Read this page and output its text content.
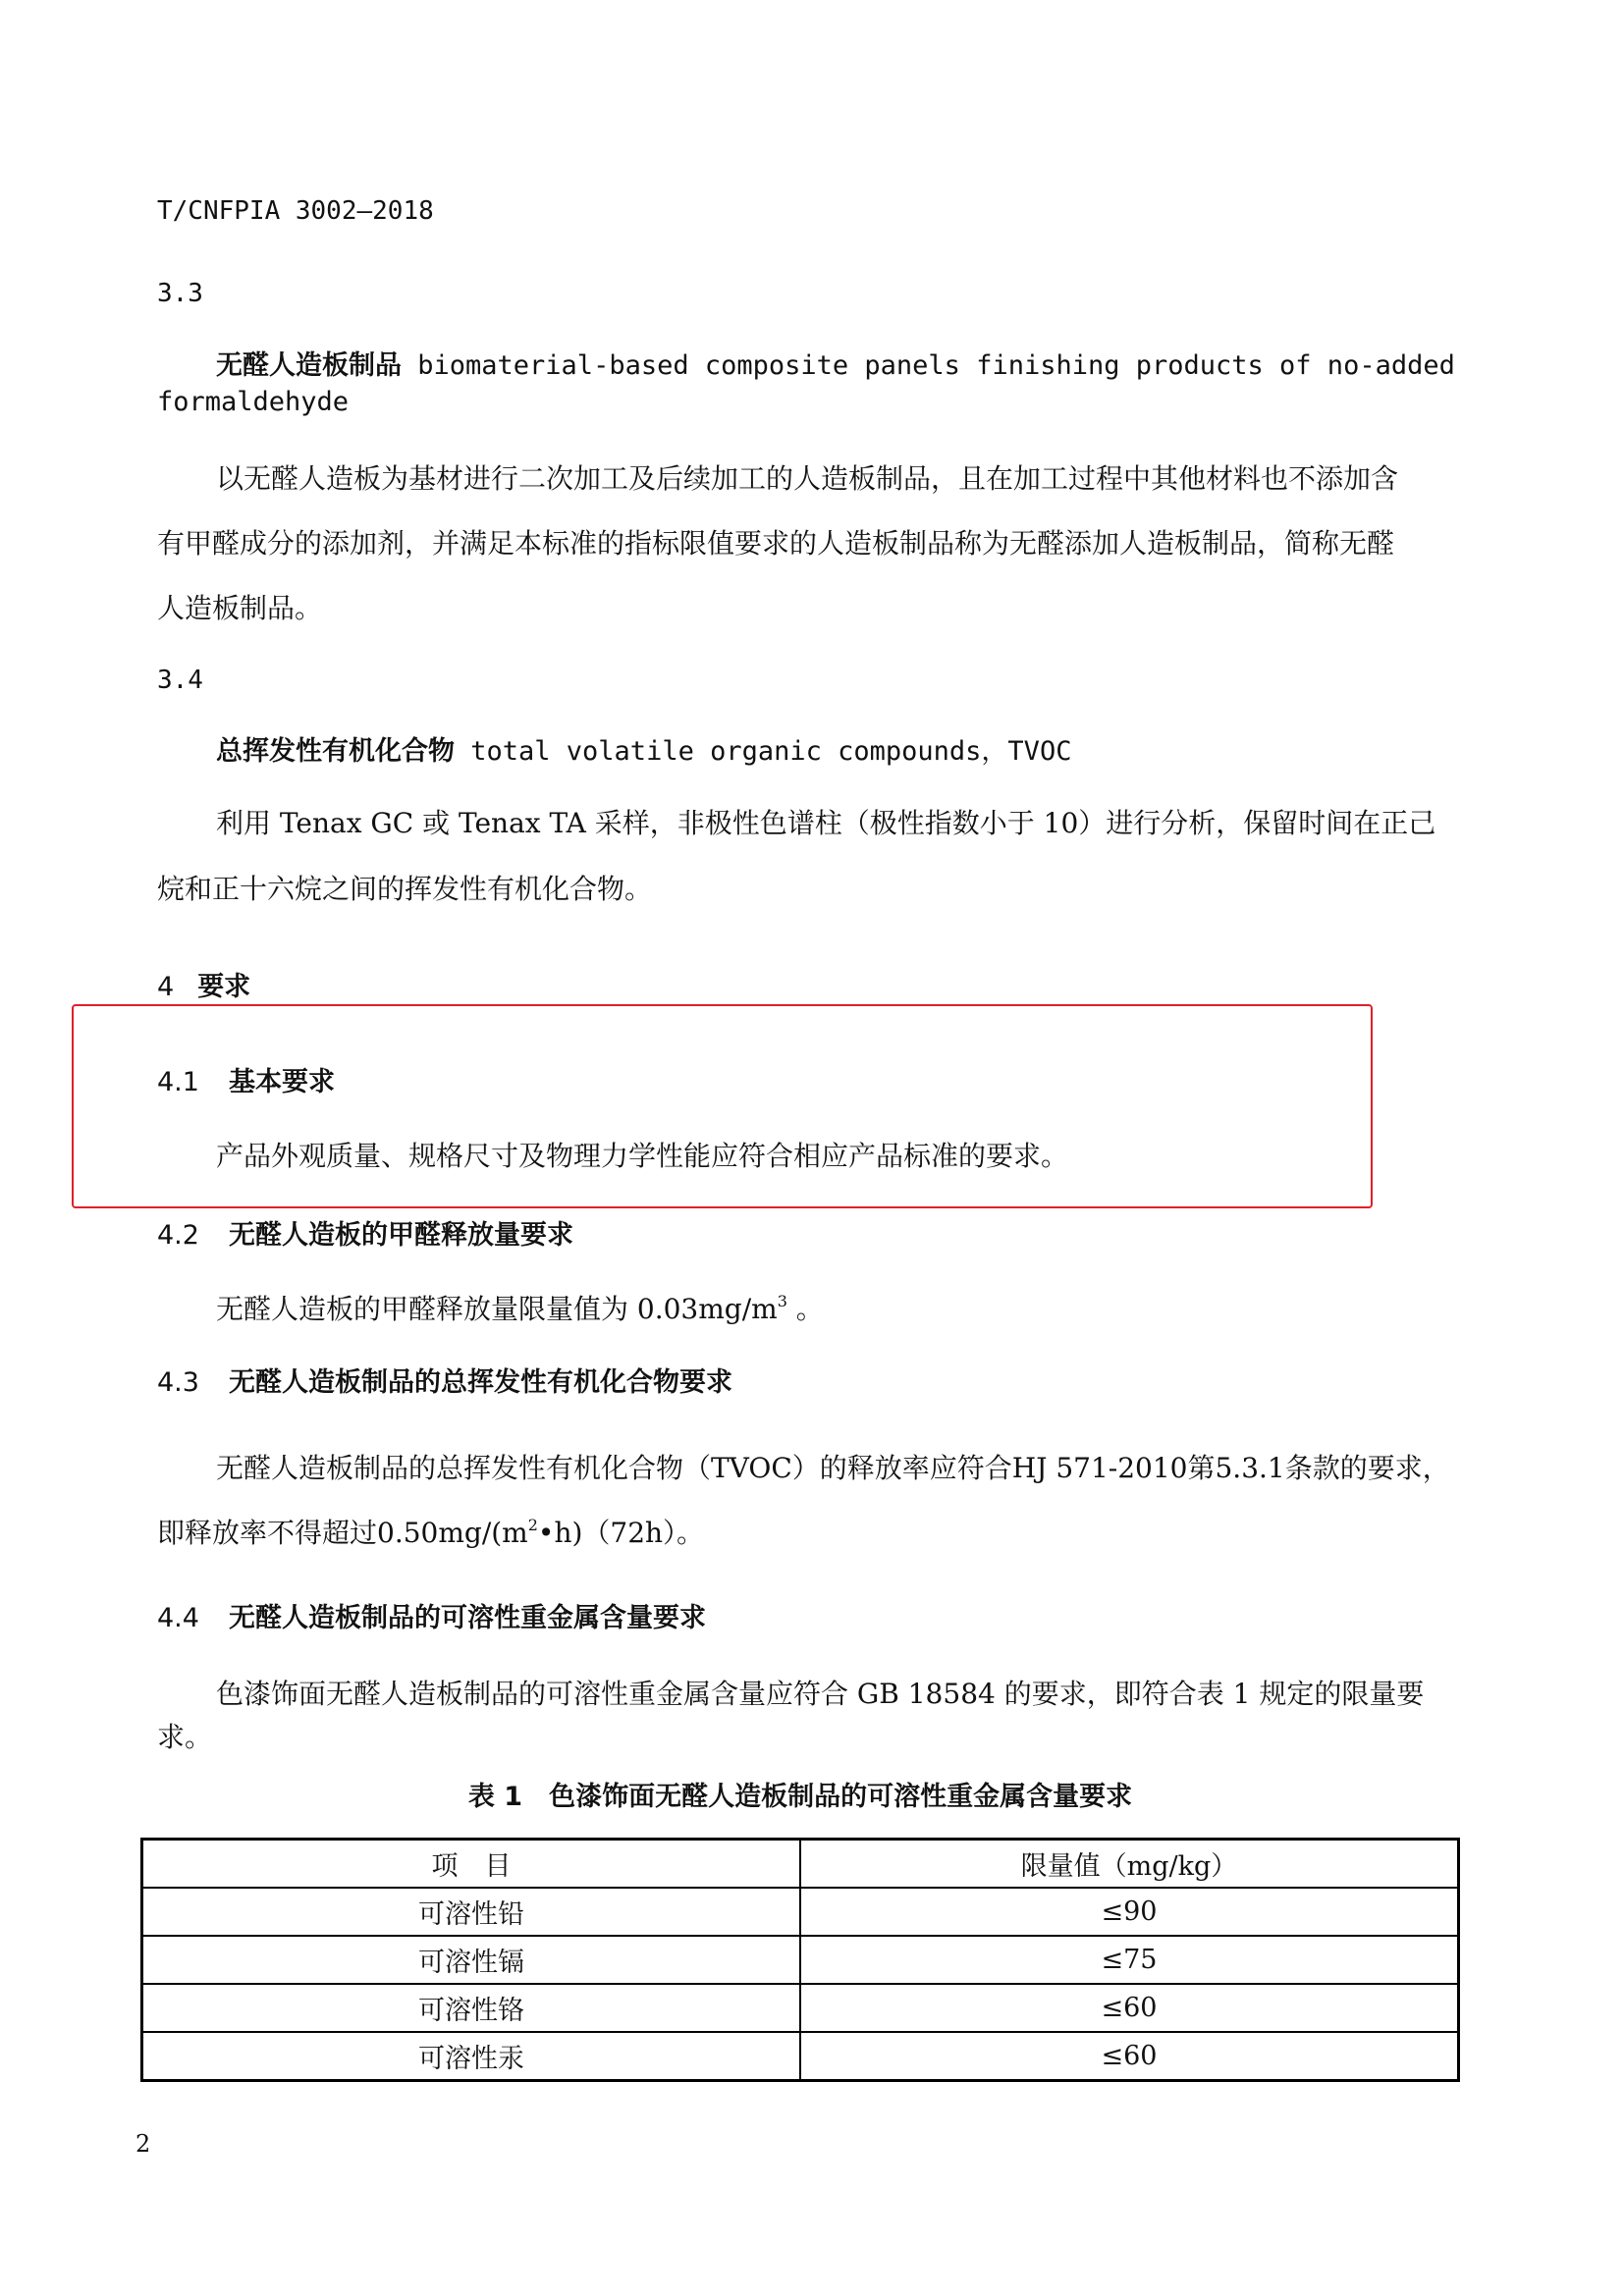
T/CNFPIA 3002—2018
3.3
无醛人造板制品 biomaterial-based composite panels finishing products of no-added
formaldehyde
以无醛人造板为基材进行二次加工及后续加工的人造板制品，且在加工过程中其他材料也不添加含
有甲醛成分的添加剂，并满足本标准的指标限值要求的人造板制品称为无醛添加人造板制品，简称无醛
人造板制品。
3.4
总挥发性有机化合物 total volatile organic compounds，TVOC
利用 Tenax GC 或 Tenax TA 采样，非极性色谱柱（极性指数小于 10）进行分析，保留时间在正己
烷和正十六烷之间的挥发性有机化合物。
4 要求
4.1 基本要求
产品外观质量、规格尺寸及物理力学性能应符合相应产品标准的要求。
4.2 无醛人造板的甲醛释放量要求
无醛人造板的甲醛释放量限量值为 $0.03mg/m^3$ 。
4.3 无醛人造板制品的总挥发性有机化合物要求
无醛人造板制品的总挥发性有机化合物（TVOC）的释放率应符合HJ 571-2010第5.3.1条款的要求，
即释放率不得超过$0.50mg/(m^2•h)(72h)$。
4.4 无醛人造板制品的可溶性重金属含量要求
色漆饰面无醛人造板制品的可溶性重金属含量应符合 GB 18584 的要求，即符合表 1 规定的限量要
求。
表 1　色漆饰面无醛人造板制品的可溶性重金属含量要求
项　目	限量值（mg/kg）
可溶性铅	≤90
可溶性镉	≤75
可溶性铬	≤60
可溶性汞	≤60
2
